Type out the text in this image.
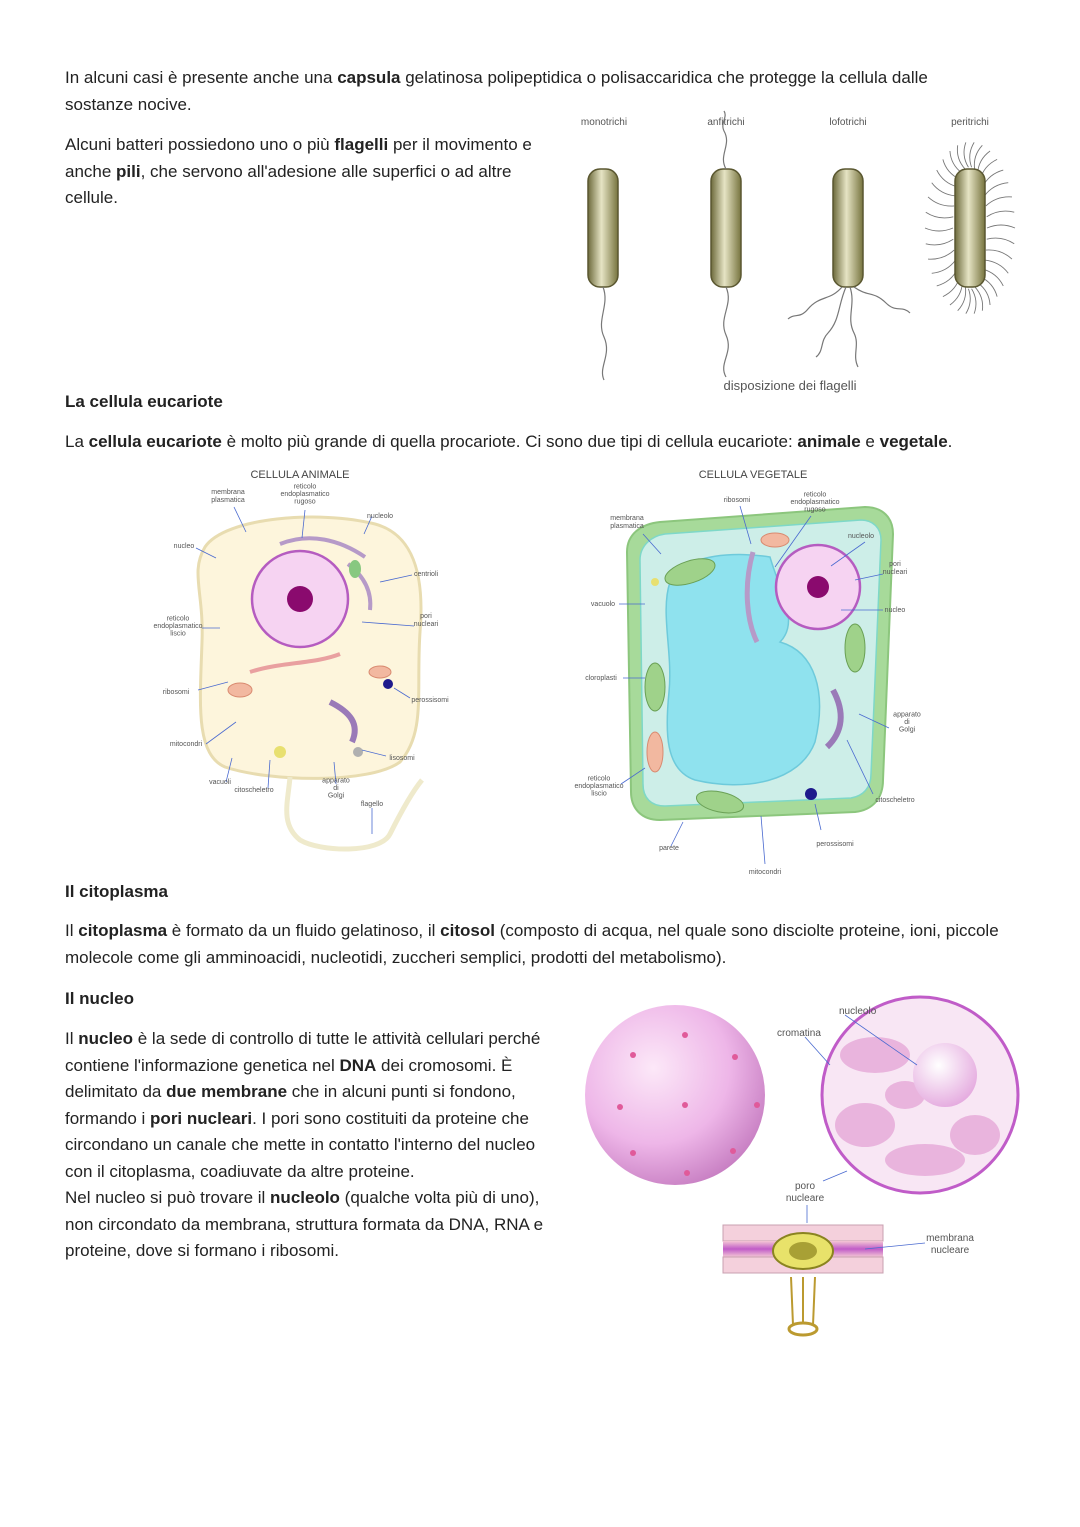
In alcuni casi è presente anche una capsula gelatinosa polipeptidica o polisaccaridica che protegge la cellula dalle sostanze nocive.

Alcuni batteri possiedono uno o più flagelli per il movimento e anche pili, che servono all'adesione alle superfici o ad altre cellule.

monotrichi	anfitrichi	lofotrichi	peritrichi
disposizione dei flagelli

La cellula eucariote

La cellula eucariote è molto più grande di quella procariote. Ci sono due tipi di cellula eucariote: animale e vegetale.

CELLULA ANIMALE
membrana plasmatica
reticolo endoplasmatico rugoso
nucleolo
nucleo
centrioli
reticolo endoplasmatico liscio
pori nucleari
ribosomi
perossisomi
mitocondri
lisosomi
vacuoli
citoscheletro
apparato di Golgi
flagello
CELLULA VEGETALE
ribosomi
reticolo endoplasmatico rugoso
membrana plasmatica
nucleolo
pori nucleari
vacuolo
nucleo
cloroplasti
apparato di Golgi
reticolo endoplasmatico liscio
citoscheletro
perossisomi
parete
mitocondri

Il citoplasma

Il citoplasma è formato da un fluido gelatinoso, il citosol (composto di acqua, nel quale sono disciolte proteine, ioni, piccole molecole come gli amminoacidi, nucleotidi, zuccheri semplici, prodotti del metabolismo).

Il nucleo

Il nucleo è la sede di controllo di tutte le attività cellulari perché contiene l'informazione genetica nel DNA dei cromosomi. È delimitato da due membrane che in alcuni punti si fondono, formando i pori nucleari. I pori sono costituiti da proteine che circondano un canale che mette in contatto l'interno del nucleo con il citoplasma, coadiuvate da altre proteine.
Nel nucleo si può trovare il nucleolo (qualche volta più di uno), non circondato da membrana, struttura formata da DNA, RNA e proteine, dove si formano i ribosomi.

nucleolo
cromatina
poro nucleare
membrana nucleare
